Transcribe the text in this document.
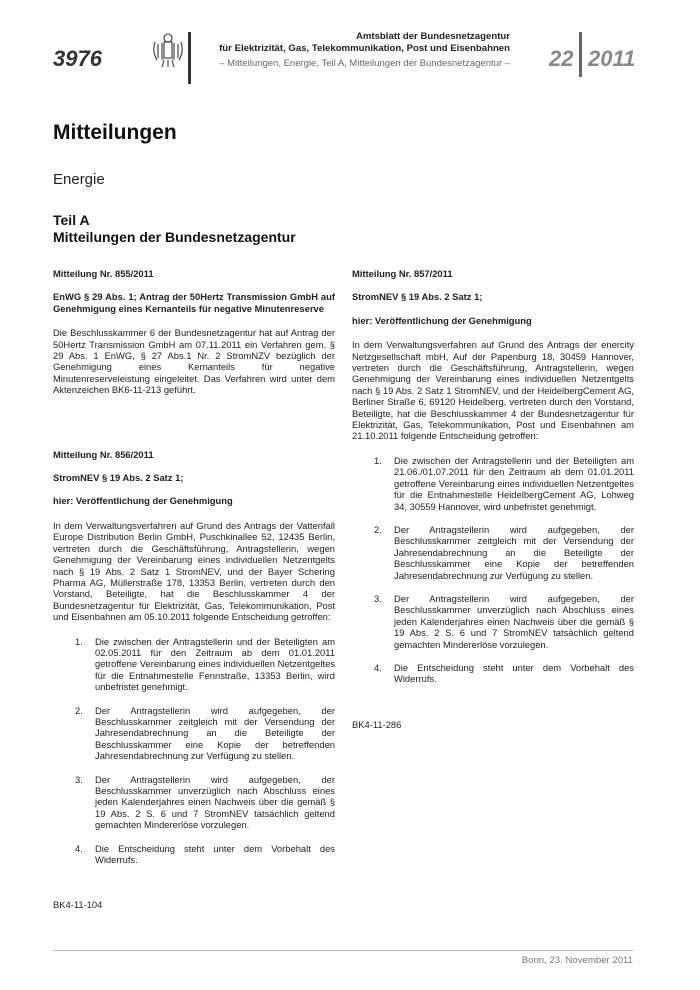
3976
Amtsblatt der Bundesnetzagentur
für Elektrizität, Gas, Telekommunikation, Post und Eisenbahnen
– Mitteilungen, Energie, Teil A, Mitteilungen der Bundesnetzagentur – 22 2011
Mitteilungen
Energie
Teil A
Mitteilungen der Bundesnetzagentur

Mitteilung Nr. 855/2011

EnWG § 29 Abs. 1; Antrag der 50Hertz Transmission GmbH auf Genehmigung eines Kernanteils für negative Minutenreserve

Die Beschlusskammer 6 der Bundesnetzagentur hat auf Antrag der 50Hertz Transmission GmbH am 07.11.2011 ein Verfahren gem. § 29 Abs. 1 EnWG, § 27 Abs.1 Nr. 2 StromNZV bezüglich der Genehmigung eines Kernanteils für negative Minutenreserveleistung eingeleitet. Das Verfahren wird unter dem Aktenzeichen BK6-11-213 geführt.

Mitteilung Nr. 856/2011

StromNEV § 19 Abs. 2 Satz 1;

hier: Veröffentlichung der Genehmigung

In dem Verwaltungsverfahren auf Grund des Antrags der Vattenfall Europe Distribution Berlin GmbH, Puschkinallee 52, 12435 Berlin, vertreten durch die Geschäftsführung, Antragstellerin, wegen Genehmigung der Vereinbarung eines individuellen Netzentgelts nach § 19 Abs. 2 Satz 1 StromNEV, und der Bayer Schering Pharma AG, Müllerstraße 178, 13353 Berlin, vertreten durch den Vorstand, Beteiligte, hat die Beschlusskammer 4 der Bundesnetzagentur für Elektrizität, Gas, Telekommunikation, Post und Eisenbahnen am 05.10.2011 folgende Entscheidung getroffen:

1.	Die zwischen der Antragstellerin und der Beteiligten am 02.05.2011 für den Zeitraum ab dem 01.01.2011 getroffene Vereinbarung eines individuellen Netzentgeltes für die Entnahmestelle Fennstraße, 13353 Berlin, wird unbefristet genehmigt.
2.	Der Antragstellerin wird aufgegeben, der Beschlusskammer zeitgleich mit der Versendung der Jahresendabrechnung an die Beteiligte der Beschlusskammer eine Kopie der betreffenden Jahresendabrechnung zur Verfügung zu stellen.
3.	Der Antragstellerin wird aufgegeben, der Beschlusskammer unverzüglich nach Abschluss eines jeden Kalenderjahres einen Nachweis über die gemäß § 19 Abs. 2 S. 6 und 7 StromNEV tatsächlich geltend gemachten Mindererlöse vorzulegen.
4.	Die Entscheidung steht unter dem Vorbehalt des Widerrufs.

BK4-11-104

Mitteilung Nr. 857/2011

StromNEV § 19 Abs. 2 Satz 1;

hier: Veröffentlichung der Genehmigung

In dem Verwaltungsverfahren auf Grund des Antrags der enercity Netzgesellschaft mbH, Auf der Papenburg 18, 30459 Hannover, vertreten durch die Geschäftsführung, Antragstellerin, wegen Genehmigung der Vereinbarung eines individuellen Netzentgelts nach § 19 Abs. 2 Satz 1 StromNEV, und der HeidelbergCement AG, Berliner Straße 6, 69120 Heidelberg, vertreten durch den Vorstand, Beteiligte, hat die Beschlusskammer 4 der Bundesnetzagentur für Elektrizität, Gas, Telekommunikation, Post und Eisenbahnen am 21.10.2011 folgende Entscheidung getroffen:

1.	Die zwischen der Antragstellerin und der Beteiligten am 21.06./01.07.2011 für den Zeitraum ab dem 01.01.2011 getroffene Vereinbarung eines individuellen Netzentgeltes für die Entnahmestelle HeidelbergCement AG, Lohweg 34, 30559 Hannover, wird unbefristet genehmigt.
2.	Der Antragstellerin wird aufgegeben, der Beschlusskammer zeitgleich mit der Versendung der Jahresendabrechnung an die Beteiligte der Beschlusskammer eine Kopie der betreffenden Jahresendabrechnung zur Verfügung zu stellen.
3.	Der Antragstellerin wird aufgegeben, der Beschlusskammer unverzüglich nach Abschluss eines jeden Kalenderjahres einen Nachweis über die gemäß § 19 Abs. 2 S. 6 und 7 StromNEV tatsächlich geltend gemachten Mindererlöse vorzulegen.
4.	Die Entscheidung steht unter dem Vorbehalt des Widerrufs.

BK4-11-286

Bonn, 23. November 2011
